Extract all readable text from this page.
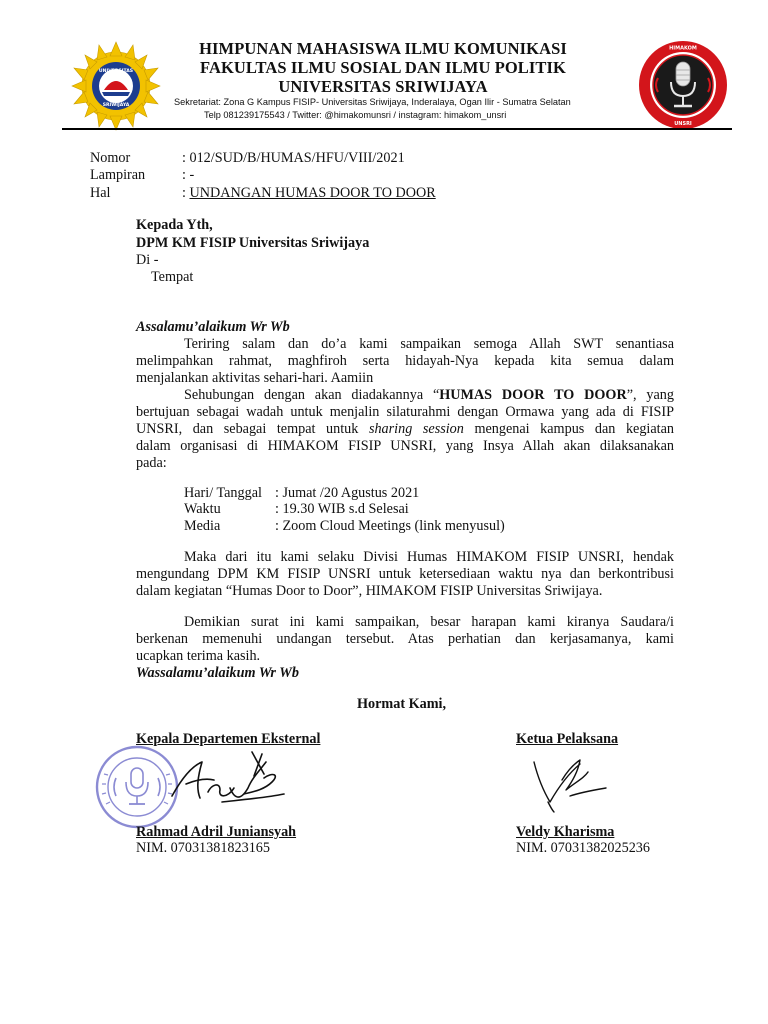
UNIVERSITAS
SRIWIJAYA
HIMPUNAN MAHASISWA ILMU KOMUNIKASI
FAKULTAS ILMU SOSIAL DAN ILMU POLITIK
UNIVERSITAS SRIWIJAYA
Sekretariat: Zona G Kampus FISIP- Universitas Sriwijaya, Inderalaya, Ogan Ilir - Sumatra Selatan
Telp 081239175543 / Twitter: @himakomunsri / instagram: himakom_unsri
HIMAKOM
UNSRI
Nomor	: 012/SUD/B/HUMAS/HFU/VIII/2021
Lampiran	: -
Hal	: UNDANGAN HUMAS DOOR TO DOOR
Kepada Yth,
DPM KM FISIP Universitas Sriwijaya
Di -
Tempat
Assalamu’alaikum Wr Wb
Teriring salam dan do’a kami sampaikan semoga Allah SWT senantiasa
melimpahkan rahmat, maghfiroh serta hidayah-Nya kepada kita semua dalam
menjalankan aktivitas sehari-hari. Aamiin
Sehubungan dengan akan diadakannya “HUMAS DOOR TO DOOR”, yang
bertujuan sebagai wadah untuk menjalin silaturahmi dengan Ormawa yang ada di FISIP
UNSRI, dan sebagai tempat untuk sharing session mengenai kampus dan kegiatan
dalam organisasi di HIMAKOM FISIP UNSRI, yang Insya Allah akan dilaksanakan
pada:
Hari/ Tanggal : Jumat /20 Agustus 2021
Waktu	: 19.30 WIB s.d Selesai
Media	: Zoom Cloud Meetings (link menyusul)
Maka dari itu kami selaku Divisi Humas HIMAKOM FISIP UNSRI, hendak
mengundang DPM KM FISIP UNSRI untuk ketersediaan waktu nya dan berkontribusi
dalam kegiatan “Humas Door to Door”, HIMAKOM FISIP Universitas Sriwijaya.
Demikian surat ini kami sampaikan, besar harapan kami kiranya Saudara/i
berkenan memenuhi undangan tersebut. Atas perhatian dan kerjasamanya, kami
ucapkan terima kasih.
Wassalamu’alaikum Wr Wb
Hormat Kami,
Kepala Departemen Eksternal	Ketua Pelaksana
Rahmad Adril Juniansyah
NIM. 07031381823165
Veldy Kharisma
NIM. 07031382025236
